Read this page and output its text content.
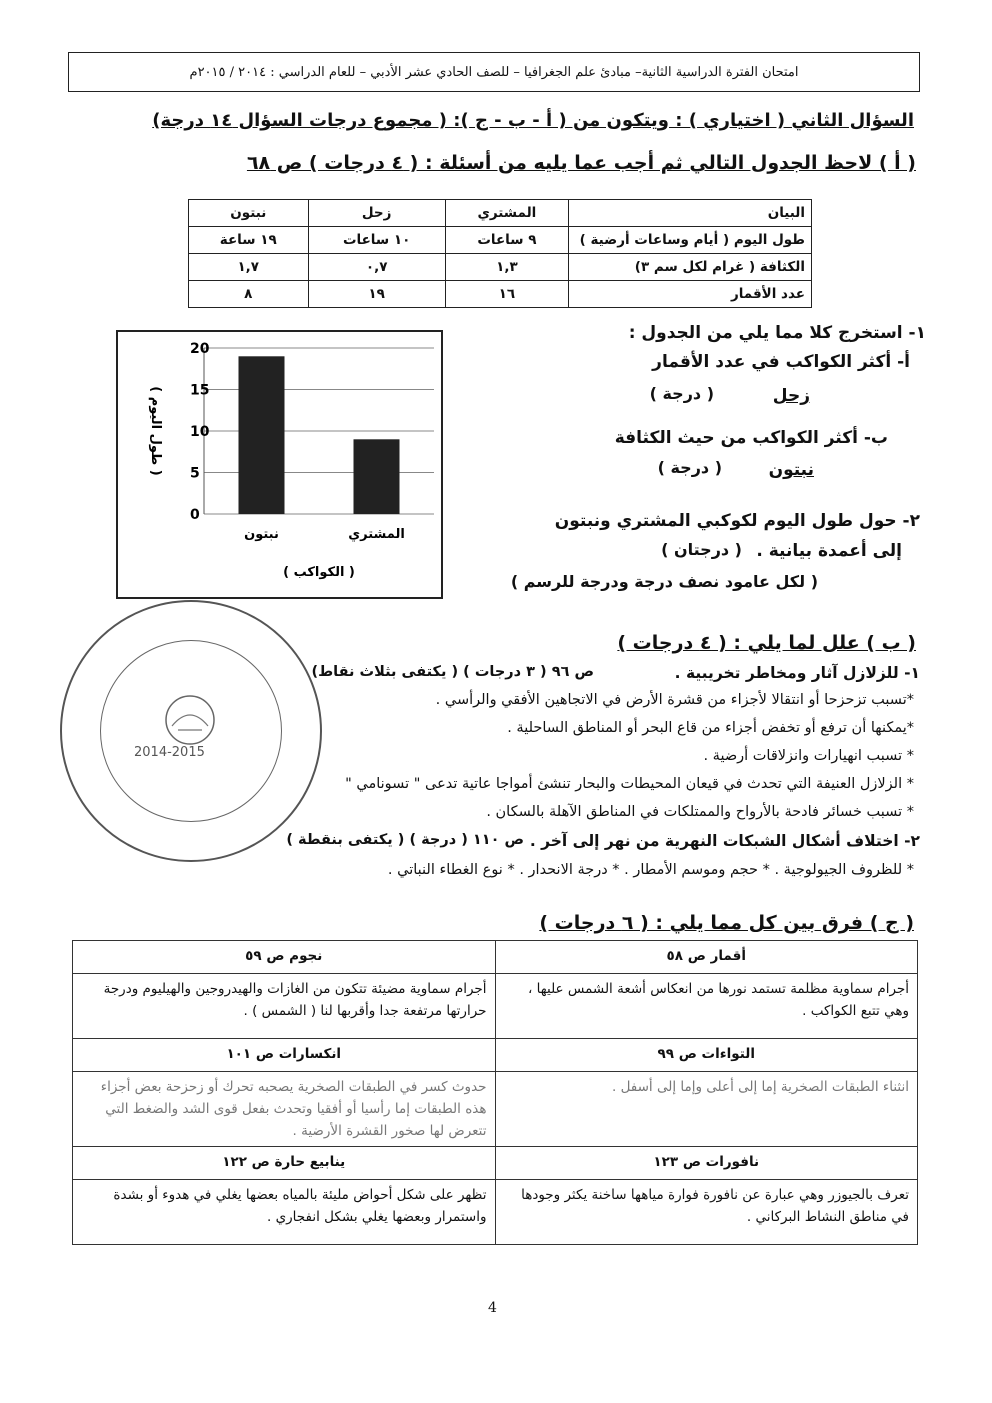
امتحان الفترة الدراسية الثانية– مبادئ علم الجغرافيا – للصف الحادي عشر الأدبي – للعام الدراسي : ٢٠١٤ / ٢٠١٥م
السؤال الثاني ( اختياري ) : ويتكون من ( أ - ب - ج ): ( مجموع درجات السؤال ١٤ درجة)
( أ ) لاحظ الجدول التالي ثم أجب عما يليه من أسئلة : ( ٤ درجات ) ص ٦٨
البيان	المشتري	زحل	نبتون
طول اليوم ( أيام وساعات أرضية )	٩ ساعات	١٠ ساعات	١٩ ساعة
الكثافة ( غرام لكل سم ٣)	١,٣	٠,٧	١,٧
عدد الأقمار	١٦	١٩	٨
١- استخرج كلا مما يلي من الجدول :
أ- أكثر الكواكب في عدد الأقمار
زحل
( درجة )
ب- أكثر الكواكب من حيث الكثافة
نبتون
( درجة )
٢- حول طول اليوم لكوكبي المشتري ونبتون
إلى أعمدة بيانية .
( درجتان )
( لكل عامود نصف درجة ودرجة للرسم )
0
5
10
15
20
نبتون	المشتري
( الكواكب )
( طول اليوم )
2014-2015
( ب ) علل لما يلي : ( ٤ درجات )
١- للزلازل آثار ومخاطر تخريبية .
ص ٩٦ ( ٣ درجات ) ( يكتفى بثلاث نقاط)
*تسبب تزحزحا أو انتقالا لأجزاء من قشرة الأرض في الاتجاهين الأفقي والرأسي .
*يمكنها أن ترفع أو تخفض أجزاء من قاع البحر أو المناطق الساحلية .
* تسبب انهيارات وانزلاقات أرضية .
* الزلازل العنيفة التي تحدث في قيعان المحيطات والبحار تنشئ أمواجا عاتية تدعى " تسونامي "
* تسبب خسائر فادحة بالأرواح والممتلكات في المناطق الآهلة بالسكان .
٢- اختلاف أشكال الشبكات النهرية من نهر إلى آخر .
ص ١١٠ ( درجة ) ( يكتفى بنقطة )
* للظروف الجيولوجية . * حجم وموسم الأمطار . * درجة الانحدار . * نوع الغطاء النباتي .
( ج ) فرق بين كل مما يلي : ( ٦ درجات )
أقمار ص ٥٨	نجوم ص ٥٩
أجرام سماوية مظلمة تستمد نورها من انعكاس أشعة الشمس عليها ، وهي تتبع الكواكب .	أجرام سماوية مضيئة تتكون من الغازات والهيدروجين والهيليوم ودرجة حرارتها مرتفعة جدا وأقربها لنا ( الشمس ) .
التواءات ص ٩٩	انكسارات ص ١٠١
انثناء الطبقات الصخرية إما إلى أعلى وإما إلى أسفل .	حدوث كسر في الطبقات الصخرية يصحبه تحرك أو زحزحة بعض أجزاء هذه الطبقات إما رأسيا أو أفقيا وتحدث بفعل قوى الشد والضغط التي تتعرض لها صخور القشرة الأرضية .
نافورات ص ١٢٣	ينابيع حارة ص ١٢٢
تعرف بالجيوزر وهي عبارة عن نافورة فوارة مياهها ساخنة يكثر وجودها في مناطق النشاط البركاني .	تظهر على شكل أحواض مليئة بالمياه بعضها يغلي في هدوء أو بشدة واستمرار وبعضها يغلي بشكل انفجاري .
4
